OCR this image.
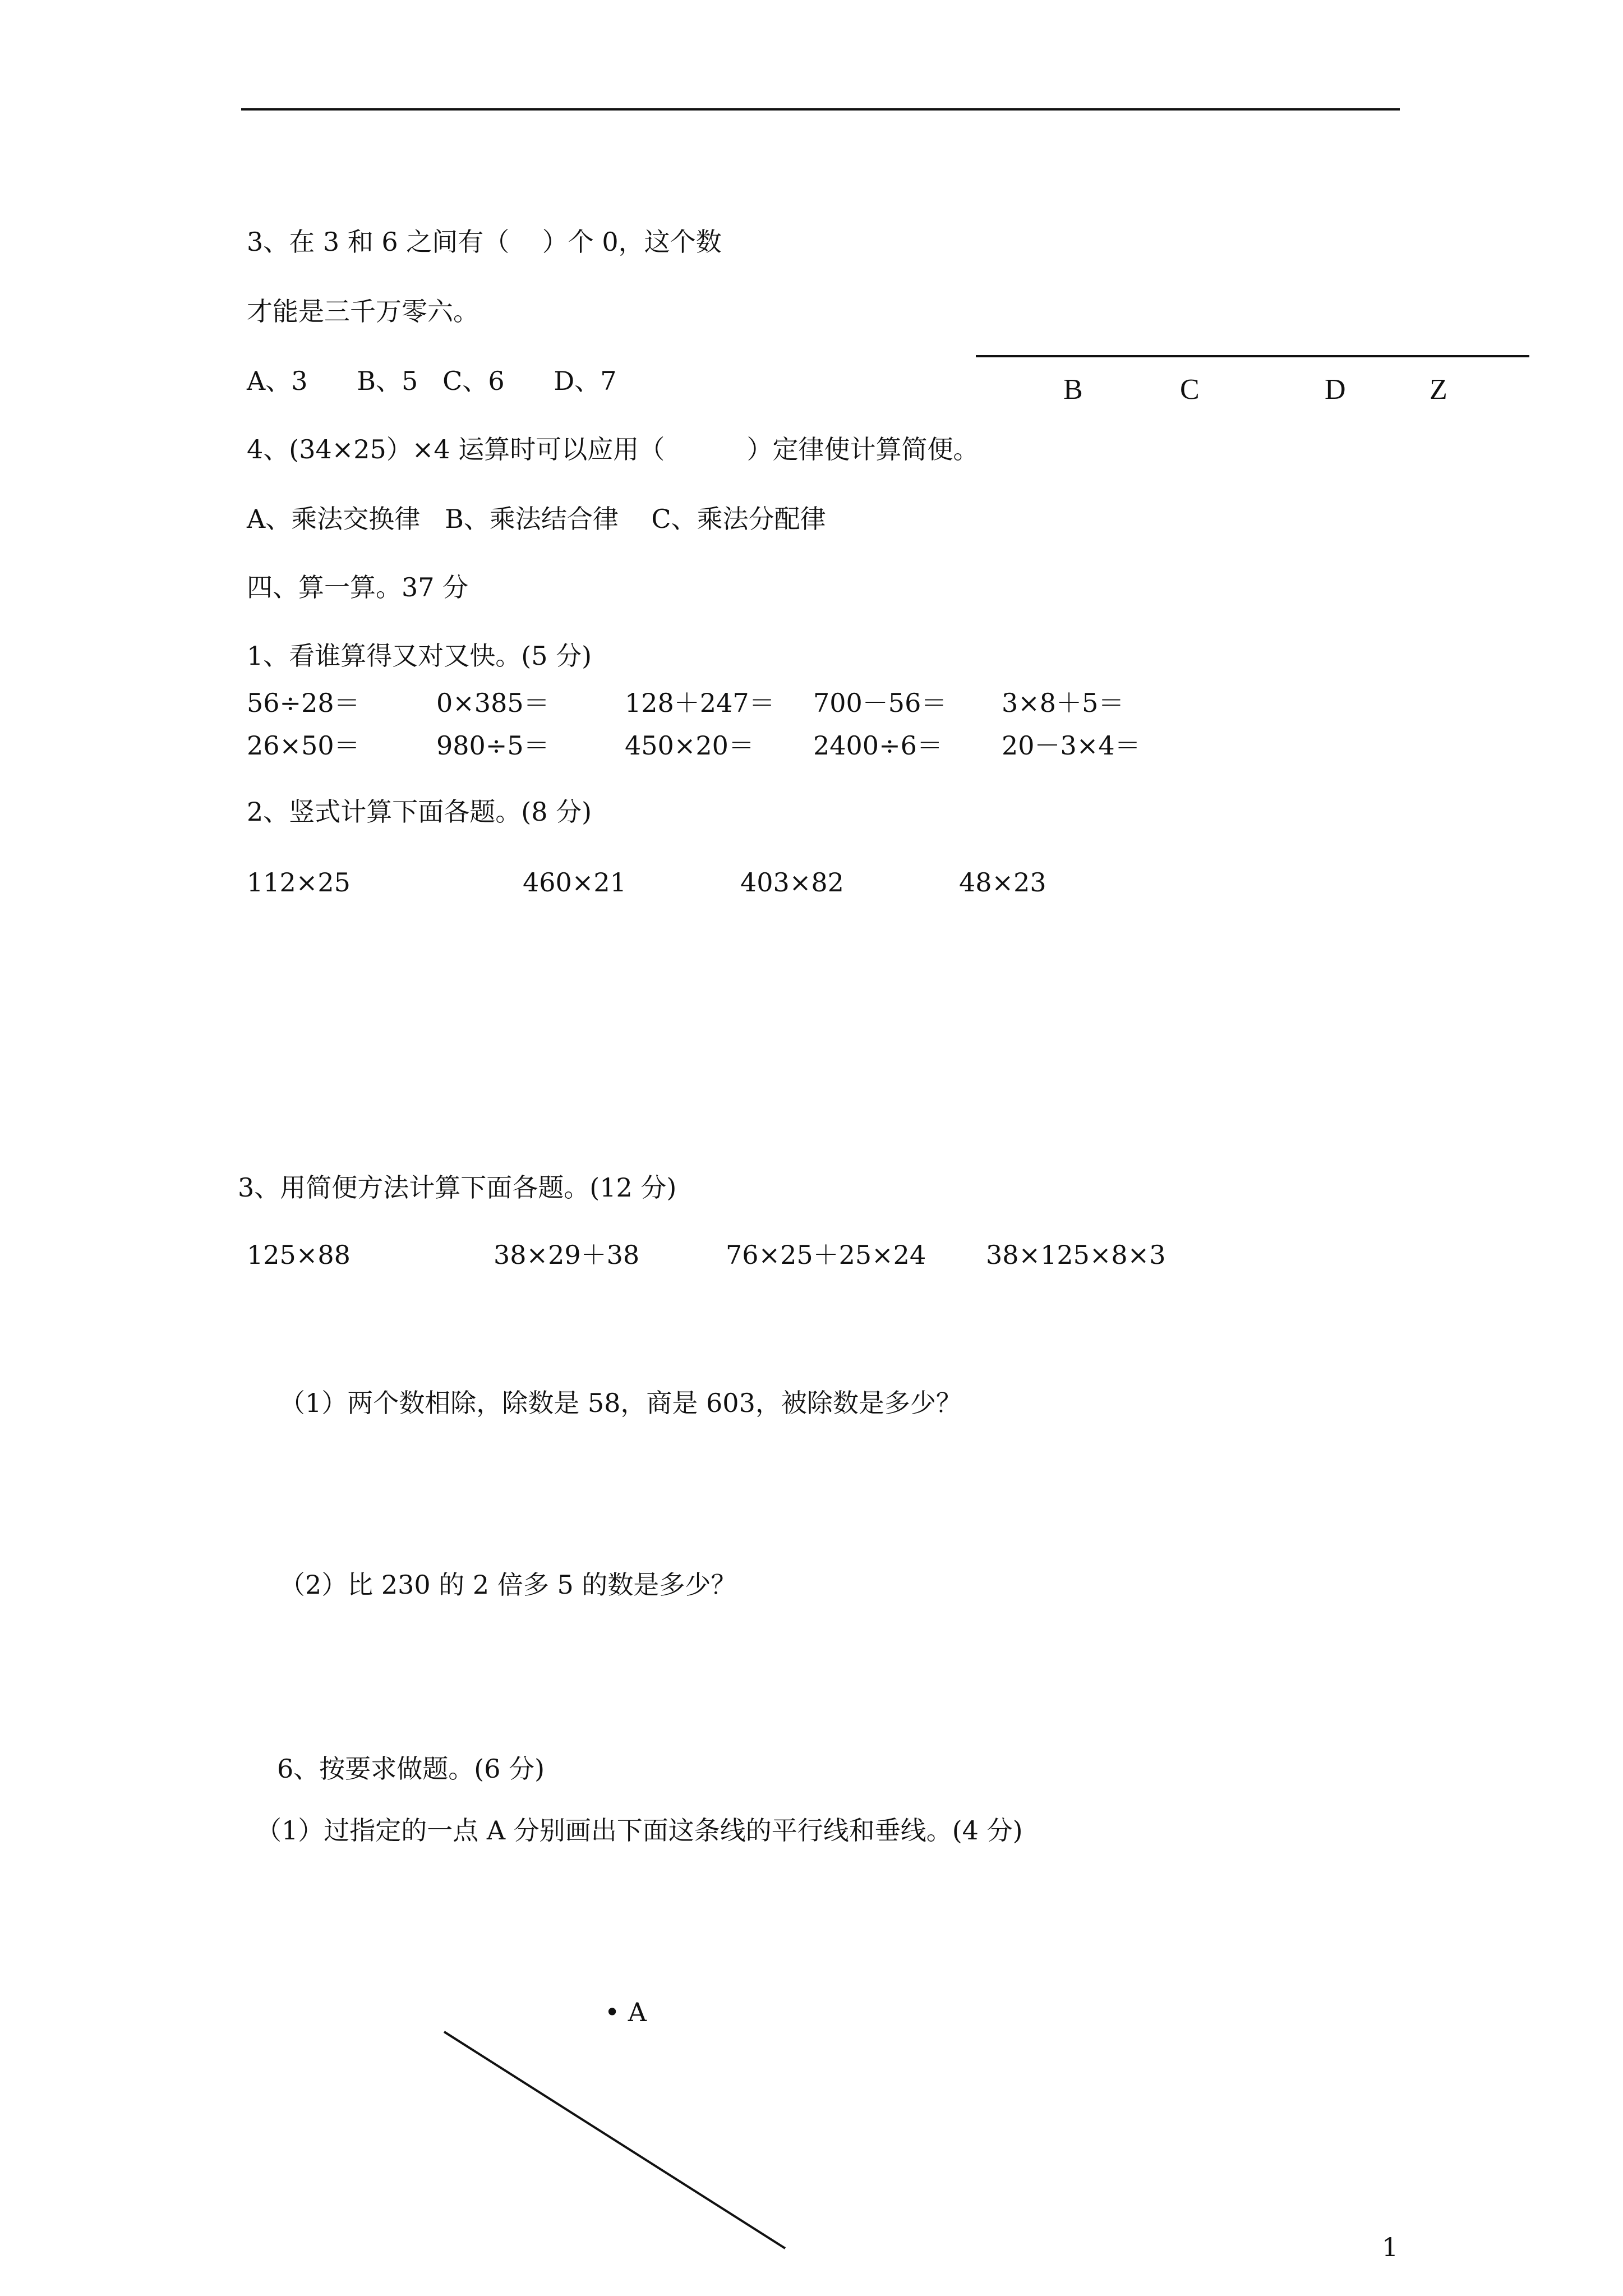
3、在 3 和 6 之间有（    ）个 0，这个数
才能是三千万零六。
A、3      B、5   C、6      D、7	B	C	D	Z
4、(34×25）×4 运算时可以应用（          ）定律使计算简便。
A、乘法交换律   B、乘法结合律    C、乘法分配律
四、算一算。37 分
1、看谁算得又对又快。(5 分)
56÷28＝	0×385＝	128＋247＝ 700－56＝ 3×8＋5＝
26×50＝	980÷5＝	450×20＝ 2400÷6＝ 20－3×4＝
2、竖式计算下面各题。(8 分)
112×25	460×21	403×82	48×23
3、用简便方法计算下面各题。(12 分)
125×88	38×29＋38	76×25＋25×24 38×125×8×3
（1）两个数相除，除数是 58，商是 603，被除数是多少？
（2）比 230 的 2 倍多 5 的数是多少？
6、按要求做题。(6 分)
（1）过指定的一点 A 分别画出下面这条线的平行线和垂线。(4 分)
• A
1
